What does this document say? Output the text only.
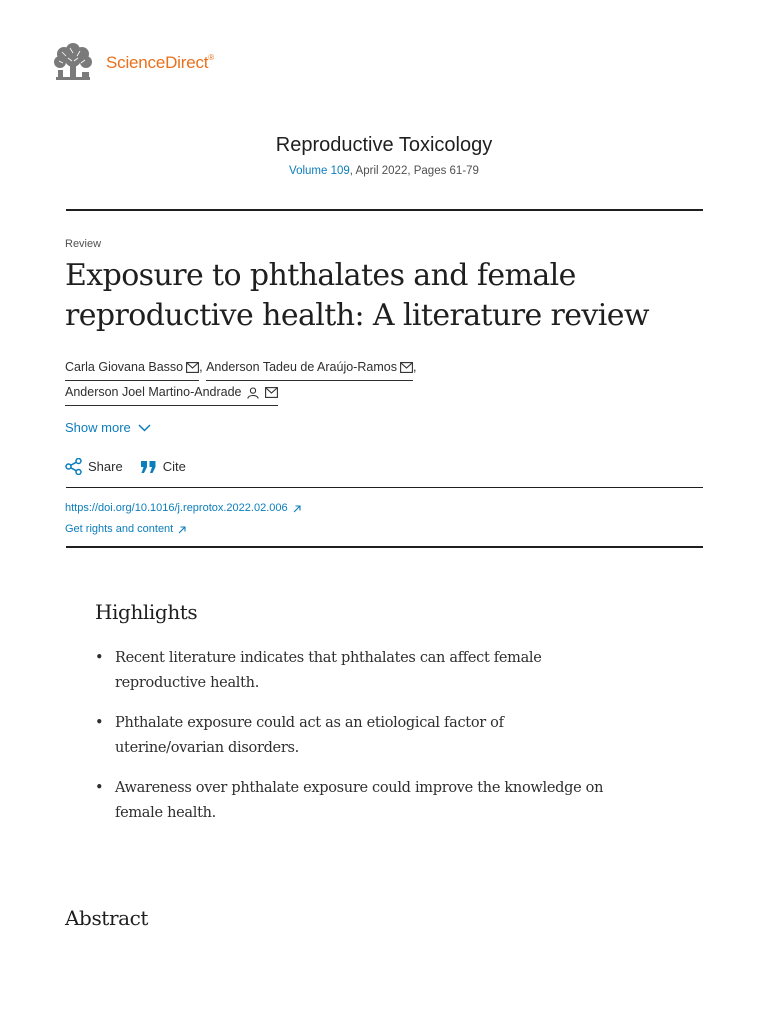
ScienceDirect®
Reproductive Toxicology
Volume 109, April 2022, Pages 61-79
Review
Exposure to phthalates and female reproductive health: A literature review
Carla Giovana Basso , Anderson Tadeu de Araújo-Ramos ,

Anderson Joel Martino-Andrade
Show more
Share	Cite
https://doi.org/10.1016/j.reprotox.2022.02.006
Get rights and content
Highlights
• Recent literature indicates that phthalates can affect female reproductive health.
• Phthalate exposure could act as an etiological factor of uterine/ovarian disorders.
• Awareness over phthalate exposure could improve the knowledge on female health.
Abstract
